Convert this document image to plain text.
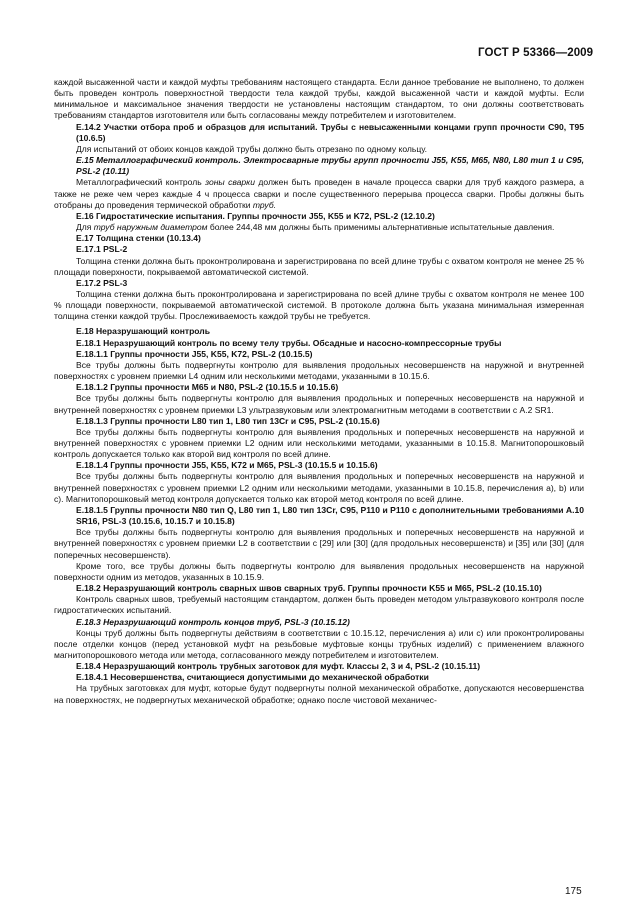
ГОСТ Р 53366—2009

каждой высаженной части и каждой муфты требованиям настоящего стандарта. Если данное требование не выполнено, то должен быть проведен контроль поверхностной твердости тела каждой трубы, каждой высаженной части и каждой муфты. Если минимальное и максимальное значения твердости не установлены настоящим стандартом, то они должны соответствовать требованиям стандартов изготовителя или быть согласованы между потребителем и изготовителем.

Е.14.2 Участки отбора проб и образцов для испытаний. Трубы с невысаженными концами групп прочности С90, Т95 (10.6.5)

Для испытаний от обоих концов каждой трубы должно быть отрезано по одному кольцу.

Е.15 Металлографический контроль. Электросварные трубы групп прочности J55, K55, M65, N80, L80 тип 1 и С95, PSL-2 (10.11)

Металлографический контроль зоны сварки должен быть проведен в начале процесса сварки для труб каждого размера, а также не реже чем через каждые 4 ч процесса сварки и после существенного перерыва процесса сварки. Пробы должны быть отобраны до проведения термической обработки труб.

Е.16 Гидростатические испытания. Группы прочности J55, K55 и K72, PSL-2 (12.10.2)

Для труб наружным диаметром более 244,48 мм должны быть применимы альтернативные испытательные давления.

Е.17 Толщина стенки (10.13.4)

Е.17.1 PSL-2

Толщина стенки должна быть проконтролирована и зарегистрирована по всей длине трубы с охватом контроля не менее 25 % площади поверхности, покрываемой автоматической системой.

Е.17.2 PSL-3

Толщина стенки должна быть проконтролирована и зарегистрирована по всей длине трубы с охватом контроля не менее 100 % площади поверхности, покрываемой автоматической системой. В протоколе должна быть указана минимальная измеренная толщина стенки каждой трубы. Прослеживаемость каждой трубы не требуется.

Е.18 Неразрушающий контроль

Е.18.1 Неразрушающий контроль по всему телу трубы. Обсадные и насосно-компрессорные трубы

Е.18.1.1 Группы прочности J55, K55, K72, PSL-2 (10.15.5)

Все трубы должны быть подвергнуты контролю для выявления продольных несовершенств на наружной и внутренней поверхностях с уровнем приемки L4 одним или несколькими методами, указанными в 10.15.6.

Е.18.1.2 Группы прочности М65 и N80, PSL-2 (10.15.5 и 10.15.6)

Все трубы должны быть подвергнуты контролю для выявления продольных и поперечных несовершенств на наружной и внутренней поверхностях с уровнем приемки L3 ультразвуковым или электромагнитным методами в соответствии с А.2 SR1.

Е.18.1.3 Группы прочности L80 тип 1, L80 тип 13Cr и С95, PSL-2 (10.15.6)

Все трубы должны быть подвергнуты контролю для выявления продольных и поперечных несовершенств на наружной и внутренней поверхностях с уровнем приемки L2 одним или несколькими методами, указанными в 10.15.8. Магнитопорошковый контроль допускается только как второй вид контроля по всей длине.

Е.18.1.4 Группы прочности J55, K55, K72 и М65, PSL-3 (10.15.5 и 10.15.6)

Все трубы должны быть подвергнуты контролю для выявления продольных и поперечных несовершенств на наружной и внутренней поверхностях с уровнем приемки L2 одним или несколькими методами, указанными в 10.15.8, перечисления а), b) или с). Магнитопорошковый метод контроля допускается только как второй метод контроля по всей длине.

Е.18.1.5 Группы прочности N80 тип Q, L80 тип 1, L80 тип 13Cr, С95, Р110 и Р110 с дополнительными требованиями А.10 SR16, PSL-3 (10.15.6, 10.15.7 и 10.15.8)

Все трубы должны быть подвергнуты контролю для выявления продольных и поперечных несовершенств на наружной и внутренней поверхностях с уровнем приемки L2 в соответствии с [29] или [30] (для продольных несовершенств) и [35] или [30] (для поперечных несовершенств).

Кроме того, все трубы должны быть подвергнуты контролю для выявления продольных несовершенств на наружной поверхности одним из методов, указанных в 10.15.9.

Е.18.2 Неразрушающий контроль сварных швов сварных труб. Группы прочности K55 и М65, PSL-2 (10.15.10)

Контроль сварных швов, требуемый настоящим стандартом, должен быть проведен методом ультразвукового контроля после гидростатических испытаний.

Е.18.3 Неразрушающий контроль концов труб, PSL-3 (10.15.12)

Концы труб должны быть подвергнуты действиям в соответствии с 10.15.12, перечисления а) или с) или проконтролированы после отделки концов (перед установкой муфт на резьбовые муфтовые концы трубных изделий) с применением влажного магнитопорошкового метода или метода, согласованного между потребителем и изготовителем.

Е.18.4 Неразрушающий контроль трубных заготовок для муфт. Классы 2, 3 и 4, PSL-2 (10.15.11)

Е.18.4.1 Несовершенства, считающиеся допустимыми до механической обработки

На трубных заготовках для муфт, которые будут подвергнуты полной механической обработке, допускаются несовершенства на поверхностях, не подвергнутых механической обработке; однако после чистовой механичес-

175
